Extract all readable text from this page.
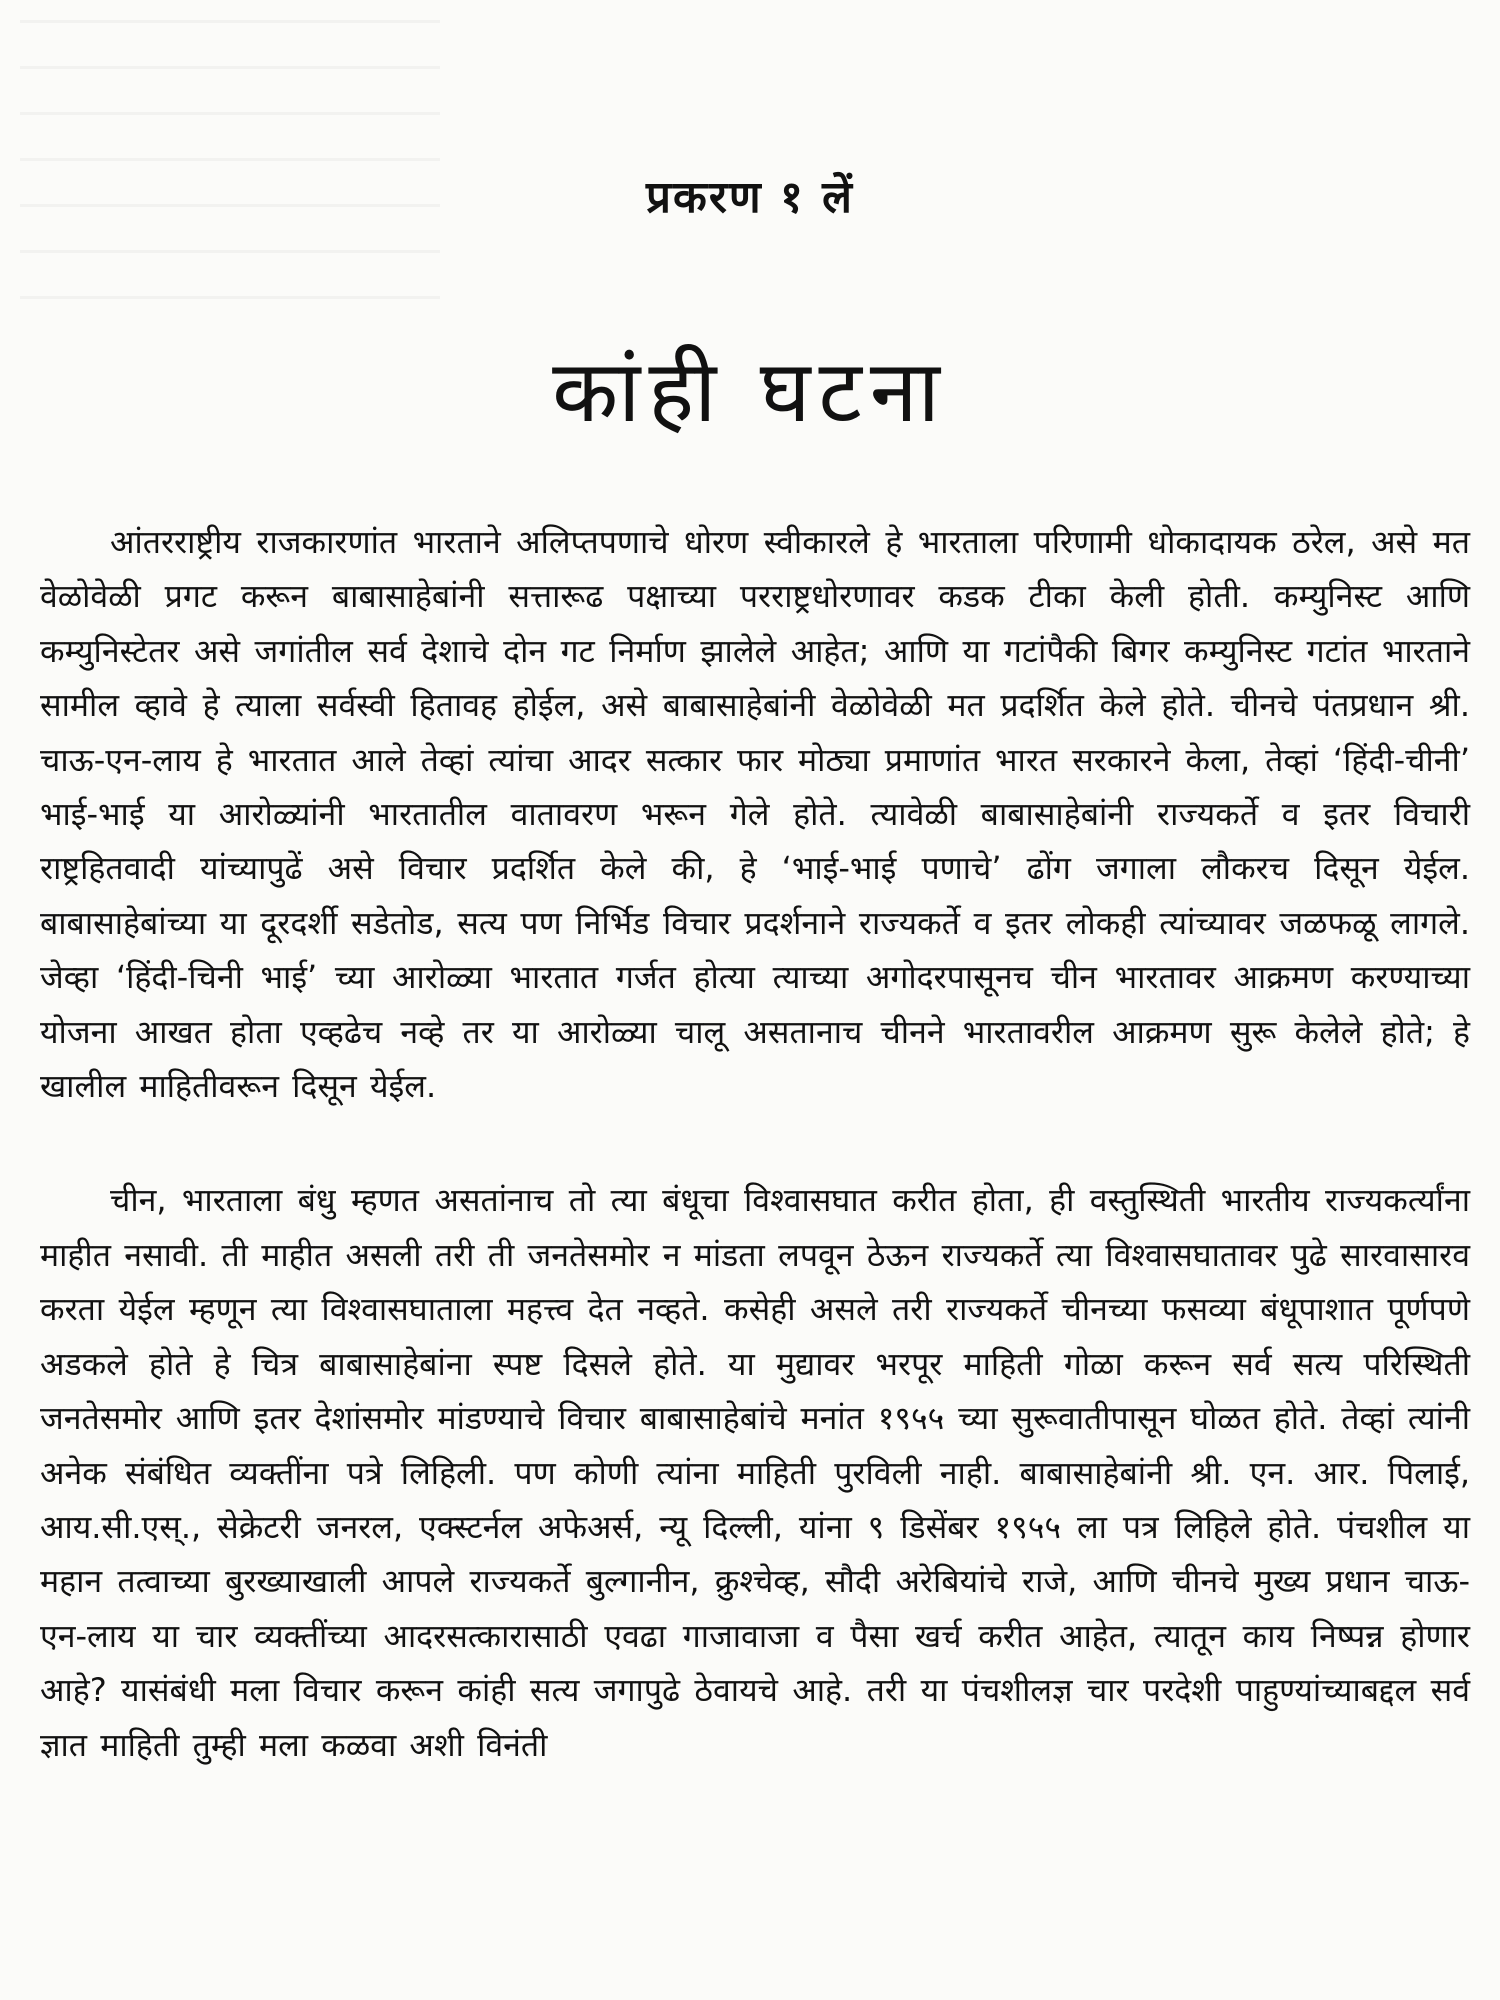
प्रकरण १ लें
कांही घटना

आंतरराष्ट्रीय राजकारणांत भारताने अलिप्तपणाचे धोरण स्वीकारले हे भारताला परिणामी धोकादायक ठरेल, असे मत वेळोवेळी प्रगट करून बाबासाहेबांनी सत्तारूढ पक्षाच्या परराष्ट्रधोरणावर कडक टीका केली होती. कम्युनिस्ट आणि कम्युनिस्टेतर असे जगांतील सर्व देशाचे दोन गट निर्माण झालेले आहेत; आणि या गटांपैकी बिगर कम्युनिस्ट गटांत भारताने सामील व्हावे हे त्याला सर्वस्वी हितावह होईल, असे बाबासाहेबांनी वेळोवेळी मत प्रदर्शित केले होते. चीनचे पंतप्रधान श्री. चाऊ-एन-लाय हे भारतात आले तेव्हां त्यांचा आदर सत्कार फार मोठ्या प्रमाणांत भारत सरकारने केला, तेव्हां ‘हिंदी-चीनी’ भाई-भाई या आरोळ्यांनी भारतातील वातावरण भरून गेले होते. त्यावेळी बाबासाहेबांनी राज्यकर्ते व इतर विचारी राष्ट्रहितवादी यांच्यापुढें असे विचार प्रदर्शित केले की, हे ‘भाई-भाई पणाचे’ ढोंग जगाला लौकरच दिसून येईल. बाबासाहेबांच्या या दूरदर्शी सडेतोड, सत्य पण निर्भिड विचार प्रदर्शनाने राज्यकर्ते व इतर लोकही त्यांच्यावर जळफळू लागले. जेव्हा ‘हिंदी-चिनी भाई’ च्या आरोळ्या भारतात गर्जत होत्या त्याच्या अगोदरपासूनच चीन भारतावर आक्रमण करण्याच्या योजना आखत होता एव्हढेच नव्हे तर या आरोळ्या चालू असतानाच चीनने भारतावरील आक्रमण सुरू केलेले होते; हे खालील माहितीवरून दिसून येईल.

चीन, भारताला बंधु म्हणत असतांनाच तो त्या बंधूचा विश्वासघात करीत होता, ही वस्तुस्थिती भारतीय राज्यकर्त्यांना माहीत नसावी. ती माहीत असली तरी ती जनतेसमोर न मांडता लपवून ठेऊन राज्यकर्ते त्या विश्वासघातावर पुढे सारवासारव करता येईल म्हणून त्या विश्वासघाताला महत्त्व देत नव्हते. कसेही असले तरी राज्यकर्ते चीनच्या फसव्या बंधूपाशात पूर्णपणे अडकले होते हे चित्र बाबासाहेबांना स्पष्ट दिसले होते. या मुद्यावर भरपूर माहिती गोळा करून सर्व सत्य परिस्थिती जनतेसमोर आणि इतर देशांसमोर मांडण्याचे विचार बाबासाहेबांचे मनांत १९५५ च्या सुरूवातीपासून घोळत होते. तेव्हां त्यांनी अनेक संबंधित व्यक्तींना पत्रे लिहिली. पण कोणी त्यांना माहिती पुरविली नाही. बाबासाहेबांनी श्री. एन. आर. पिलाई, आय.सी.एस्., सेक्रेटरी जनरल, एक्स्टर्नल अफेअर्स, न्यू दिल्ली, यांना ९ डिसेंबर १९५५ ला पत्र लिहिले होते. पंचशील या महान तत्वाच्या बुरख्याखाली आपले राज्यकर्ते बुल्गानीन, क्रुश्चेव्ह, सौदी अरेबियांचे राजे, आणि चीनचे मुख्य प्रधान चाऊ-एन-लाय या चार व्यक्तींच्या आदरसत्कारासाठी एवढा गाजावाजा व पैसा खर्च करीत आहेत, त्यातून काय निष्पन्न होणार आहे? यासंबंधी मला विचार करून कांही सत्य जगापुढे ठेवायचे आहे. तरी या पंचशीलज्ञ चार परदेशी पाहुण्यांच्याबद्दल सर्व ज्ञात माहिती तुम्ही मला कळवा अशी विनंती
